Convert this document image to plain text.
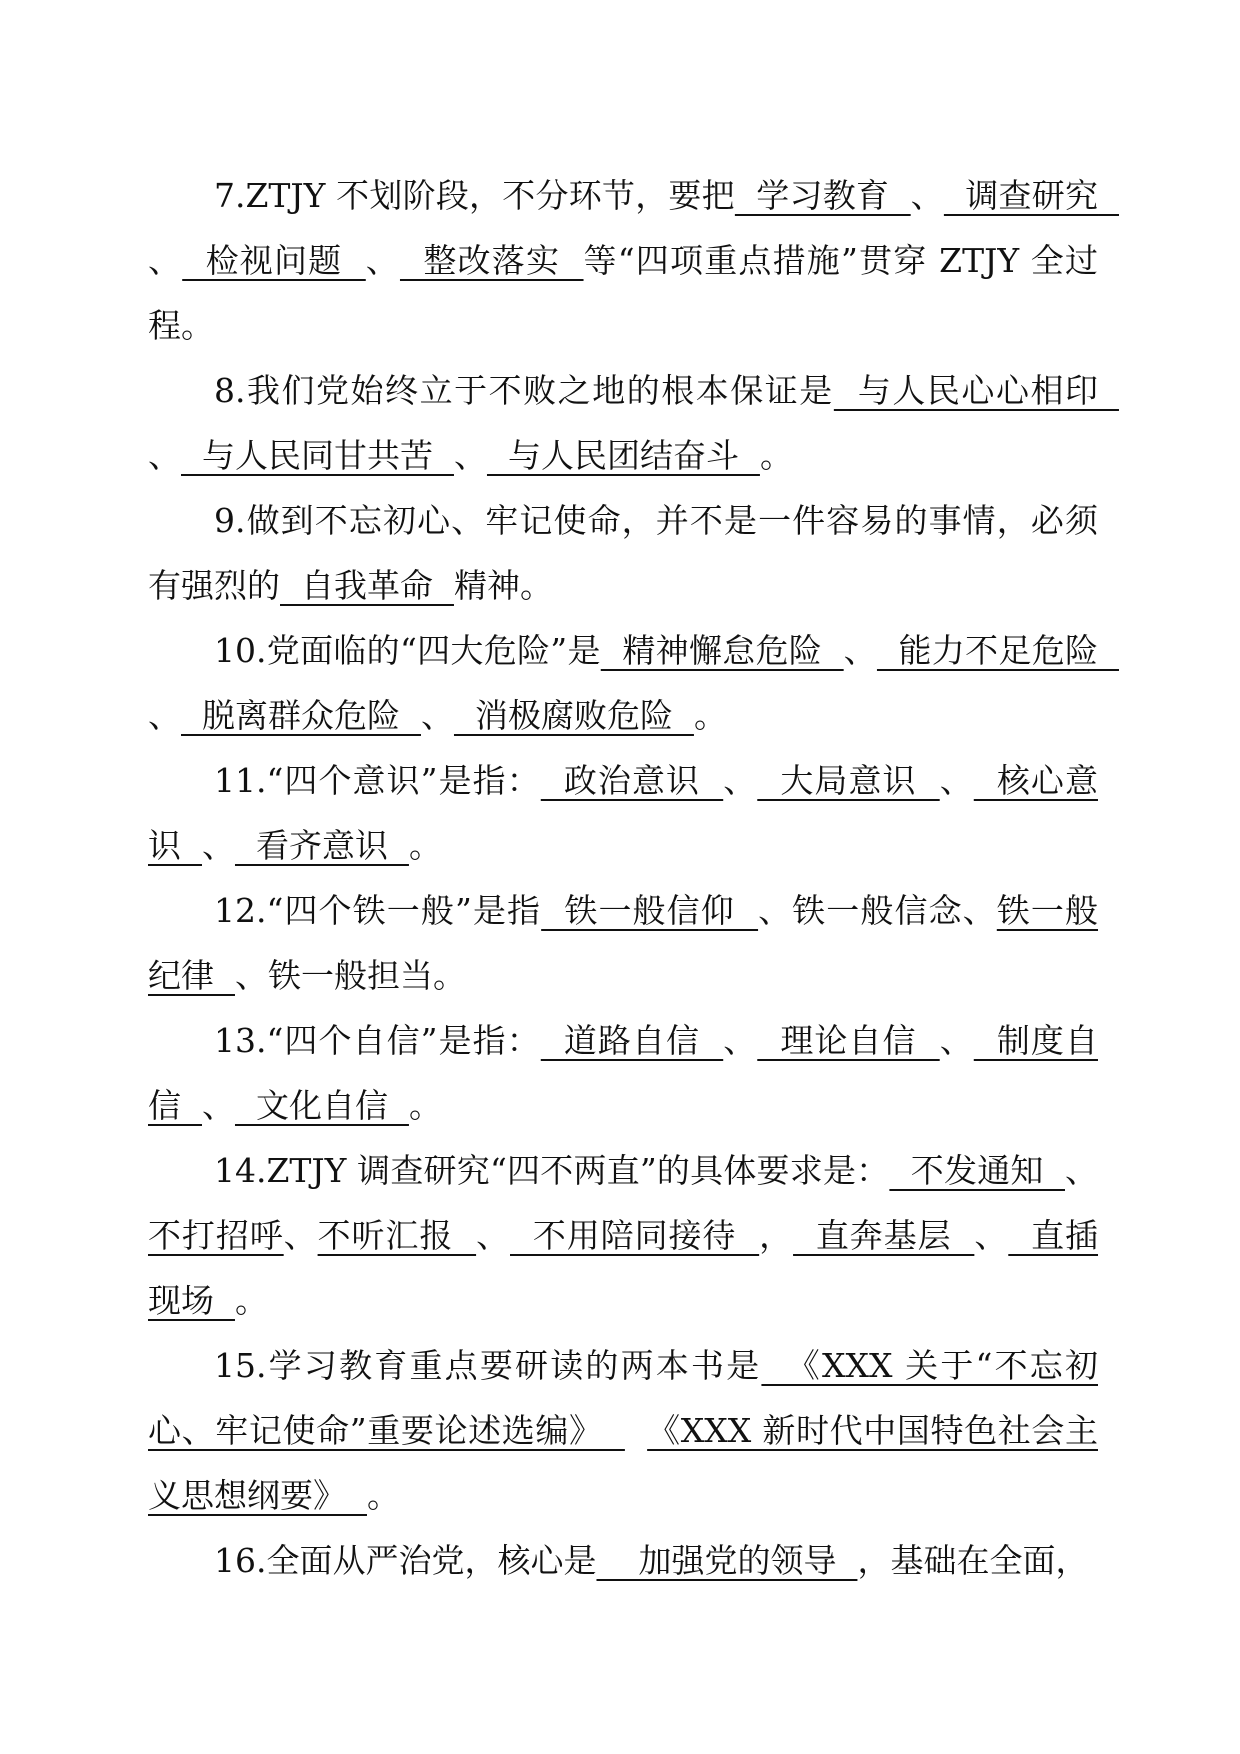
7.ZTJY 不划阶段，不分环节，要把  学习教育  、  调查研究  、  检视问题  、  整改落实  等“四项重点措施”贯穿 ZTJY 全过程。

8.我们党始终立于不败之地的根本保证是  与人民心心相印  、  与人民同甘共苦  、  与人民团结奋斗  。

9.做到不忘初心、牢记使命，并不是一件容易的事情，必须有强烈的  自我革命  精神。

10.党面临的“四大危险”是  精神懈怠危险  、  能力不足危险  、  脱离群众危险  、  消极腐败危险  。

11.“四个意识”是指：  政治意识  、  大局意识  、  核心意识  、  看齐意识  。

12.“四个铁一般”是指  铁一般信仰  、铁一般信念、铁一般纪律  、铁一般担当。

13.“四个自信”是指：  道路自信  、  理论自信  、  制度自信  、  文化自信  。

14.ZTJY 调查研究“四不两直”的具体要求是：  不发通知  、不打招呼、不听汇报  、  不用陪同接待  ，  直奔基层  、  直插现场  。

15.学习教育重点要研读的两本书是  《XXX 关于“不忘初心、牢记使命”重要论述选编》    《XXX 新时代中国特色社会主义思想纲要》  。

16.全面从严治党，核心是    加强党的领导  ，基础在全面，
